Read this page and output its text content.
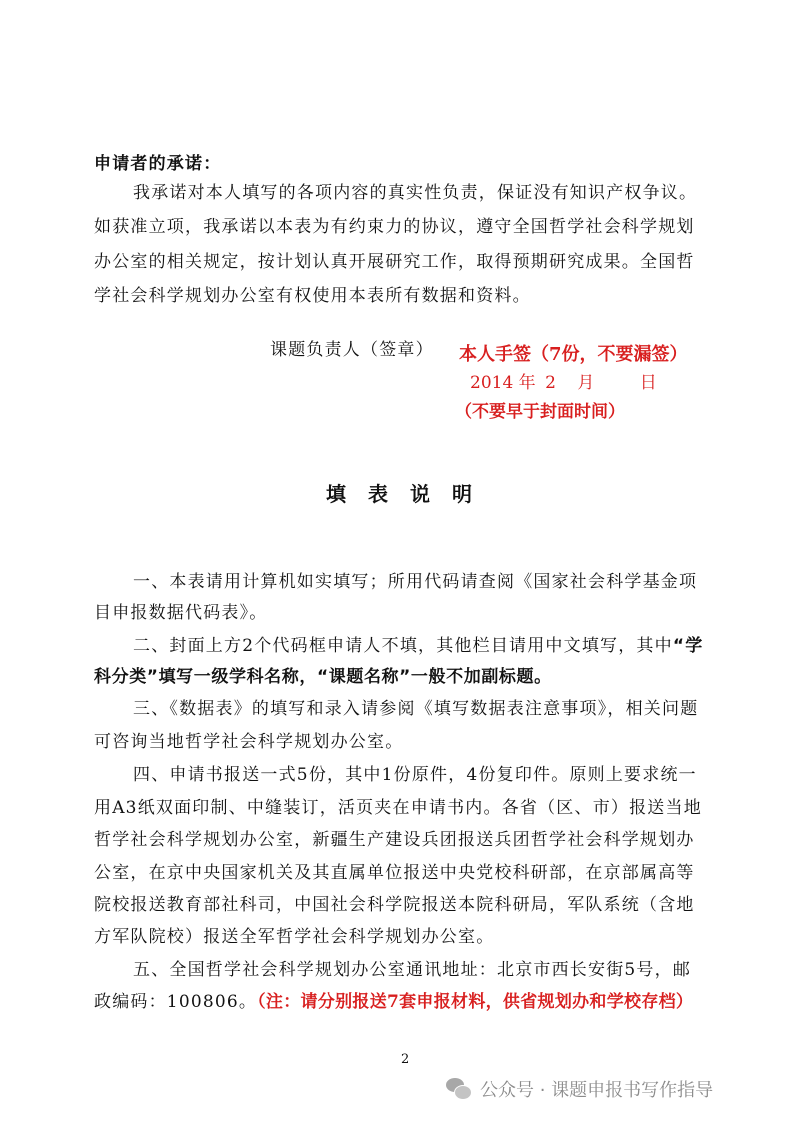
申请者的承诺：
我承诺对本人填写的各项内容的真实性负责，保证没有知识产权争议。
如获准立项，我承诺以本表为有约束力的协议，遵守全国哲学社会科学规划
办公室的相关规定，按计划认真开展研究工作，取得预期研究成果。全国哲
学社会科学规划办公室有权使用本表所有数据和资料。
课题负责人（签章） 本人手签（7份，不要漏签）
2014 年 2 月	日
（不要早于封面时间）
填表说明
一、本表请用计算机如实填写；所用代码请查阅《国家社会科学基金项
目申报数据代码表》。
二、封面上方2个代码框申请人不填，其他栏目请用中文填写，其中“学
科分类”填写一级学科名称，“课题名称”一般不加副标题。
三、《数据表》的填写和录入请参阅《填写数据表注意事项》，相关问题
可咨询当地哲学社会科学规划办公室。
四、申请书报送一式5份，其中1份原件，4份复印件。原则上要求统一
用A3纸双面印制、中缝装订，活页夹在申请书内。各省（区、市）报送当地
哲学社会科学规划办公室，新疆生产建设兵团报送兵团哲学社会科学规划办
公室，在京中央国家机关及其直属单位报送中央党校科研部，在京部属高等
院校报送教育部社科司，中国社会科学院报送本院科研局，军队系统（含地
方军队院校）报送全军哲学社会科学规划办公室。
五、全国哲学社会科学规划办公室通讯地址：北京市西长安街5号，邮
政编码：100806。（注：请分别报送7套申报材料，供省规划办和学校存档）
2
公众号 · 课题申报书写作指导
